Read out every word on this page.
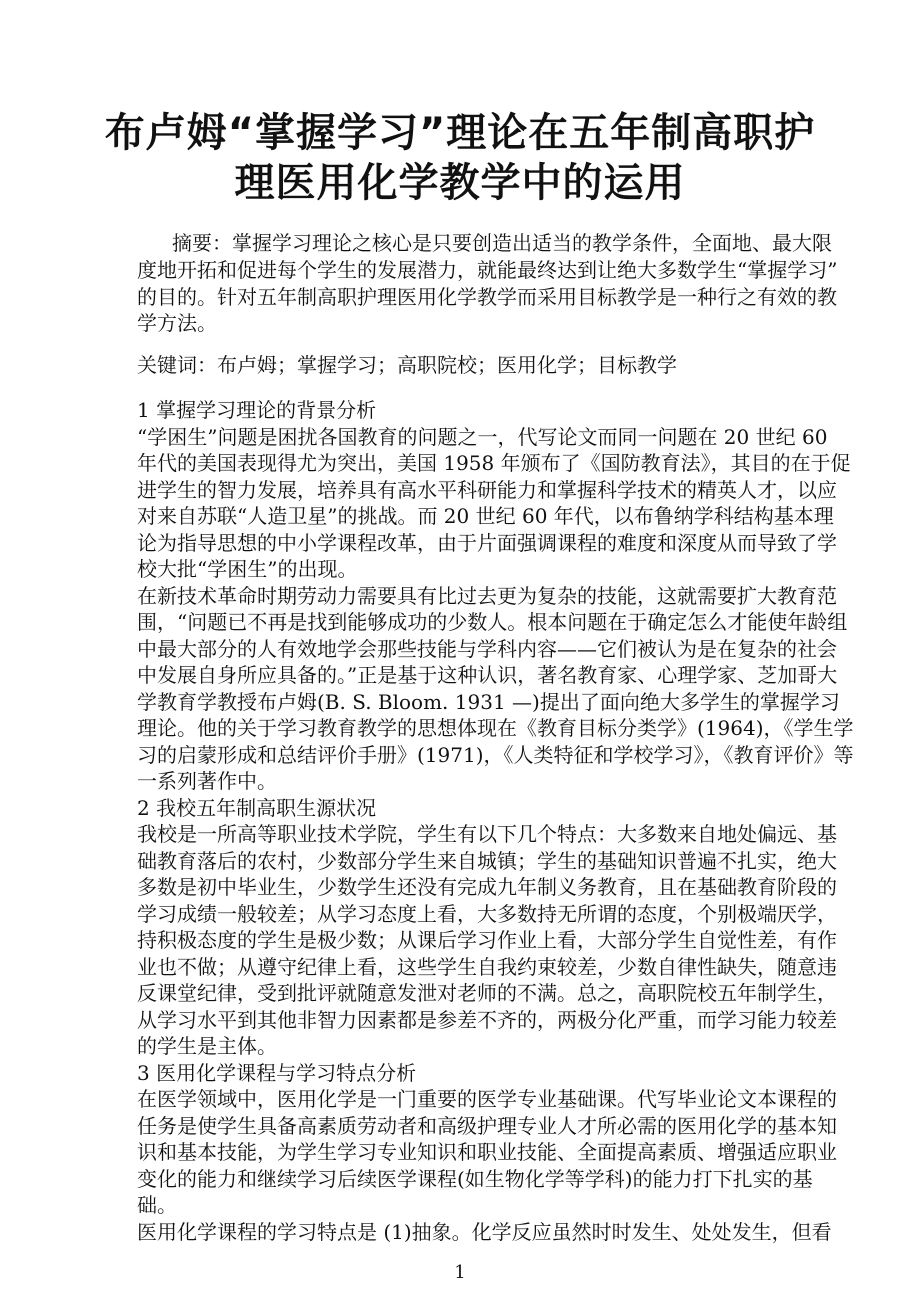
布卢姆“掌握学习”理论在五年制高职护
理医用化学教学中的运用
摘要：掌握学习理论之核心是只要创造出适当的教学条件，全面地、最大限
度地开拓和促进每个学生的发展潜力，就能最终达到让绝大多数学生“掌握学习”
的目的。针对五年制高职护理医用化学教学而采用目标教学是一种行之有效的教
学方法。
关键词：布卢姆；掌握学习；高职院校；医用化学；目标教学
1 掌握学习理论的背景分析
“学困生”问题是困扰各国教育的问题之一，代写论文而同一问题在 20 世纪 60
年代的美国表现得尤为突出，美国 1958 年颁布了《国防教育法》，其目的在于促
进学生的智力发展，培养具有高水平科研能力和掌握科学技术的精英人才，以应
对来自苏联“人造卫星”的挑战。而 20 世纪 60 年代，以布鲁纳学科结构基本理
论为指导思想的中小学课程改革，由于片面强调课程的难度和深度从而导致了学
校大批“学困生”的出现。
在新技术革命时期劳动力需要具有比过去更为复杂的技能，这就需要扩大教育范
围，“问题已不再是找到能够成功的少数人。根本问题在于确定怎么才能使年龄组
中最大部分的人有效地学会那些技能与学科内容——它们被认为是在复杂的社会
中发展自身所应具备的。”正是基于这种认识，著名教育家、心理学家、芝加哥大
学教育学教授布卢姆(B. S. Bloom. 1931 —)提出了面向绝大多学生的掌握学习
理论。他的关于学习教育教学的思想体现在《教育目标分类学》(1964)，《学生学
习的启蒙形成和总结评价手册》(1971)，《人类特征和学校学习》，《教育评价》等
一系列著作中。
2 我校五年制高职生源状况
我校是一所高等职业技术学院，学生有以下几个特点：大多数来自地处偏远、基
础教育落后的农村，少数部分学生来自城镇；学生的基础知识普遍不扎实，绝大
多数是初中毕业生，少数学生还没有完成九年制义务教育，且在基础教育阶段的
学习成绩一般较差；从学习态度上看，大多数持无所谓的态度，个别极端厌学，
持积极态度的学生是极少数；从课后学习作业上看，大部分学生自觉性差，有作
业也不做；从遵守纪律上看，这些学生自我约束较差，少数自律性缺失，随意违
反课堂纪律，受到批评就随意发泄对老师的不满。总之，高职院校五年制学生，
从学习水平到其他非智力因素都是参差不齐的，两极分化严重，而学习能力较差
的学生是主体。
3 医用化学课程与学习特点分析
在医学领域中，医用化学是一门重要的医学专业基础课。代写毕业论文本课程的
任务是使学生具备高素质劳动者和高级护理专业人才所必需的医用化学的基本知
识和基本技能，为学生学习专业知识和职业技能、全面提高素质、增强适应职业
变化的能力和继续学习后续医学课程(如生物化学等学科)的能力打下扎实的基
础。
医用化学课程的学习特点是 (1)抽象。化学反应虽然时时发生、处处发生，但看
1
